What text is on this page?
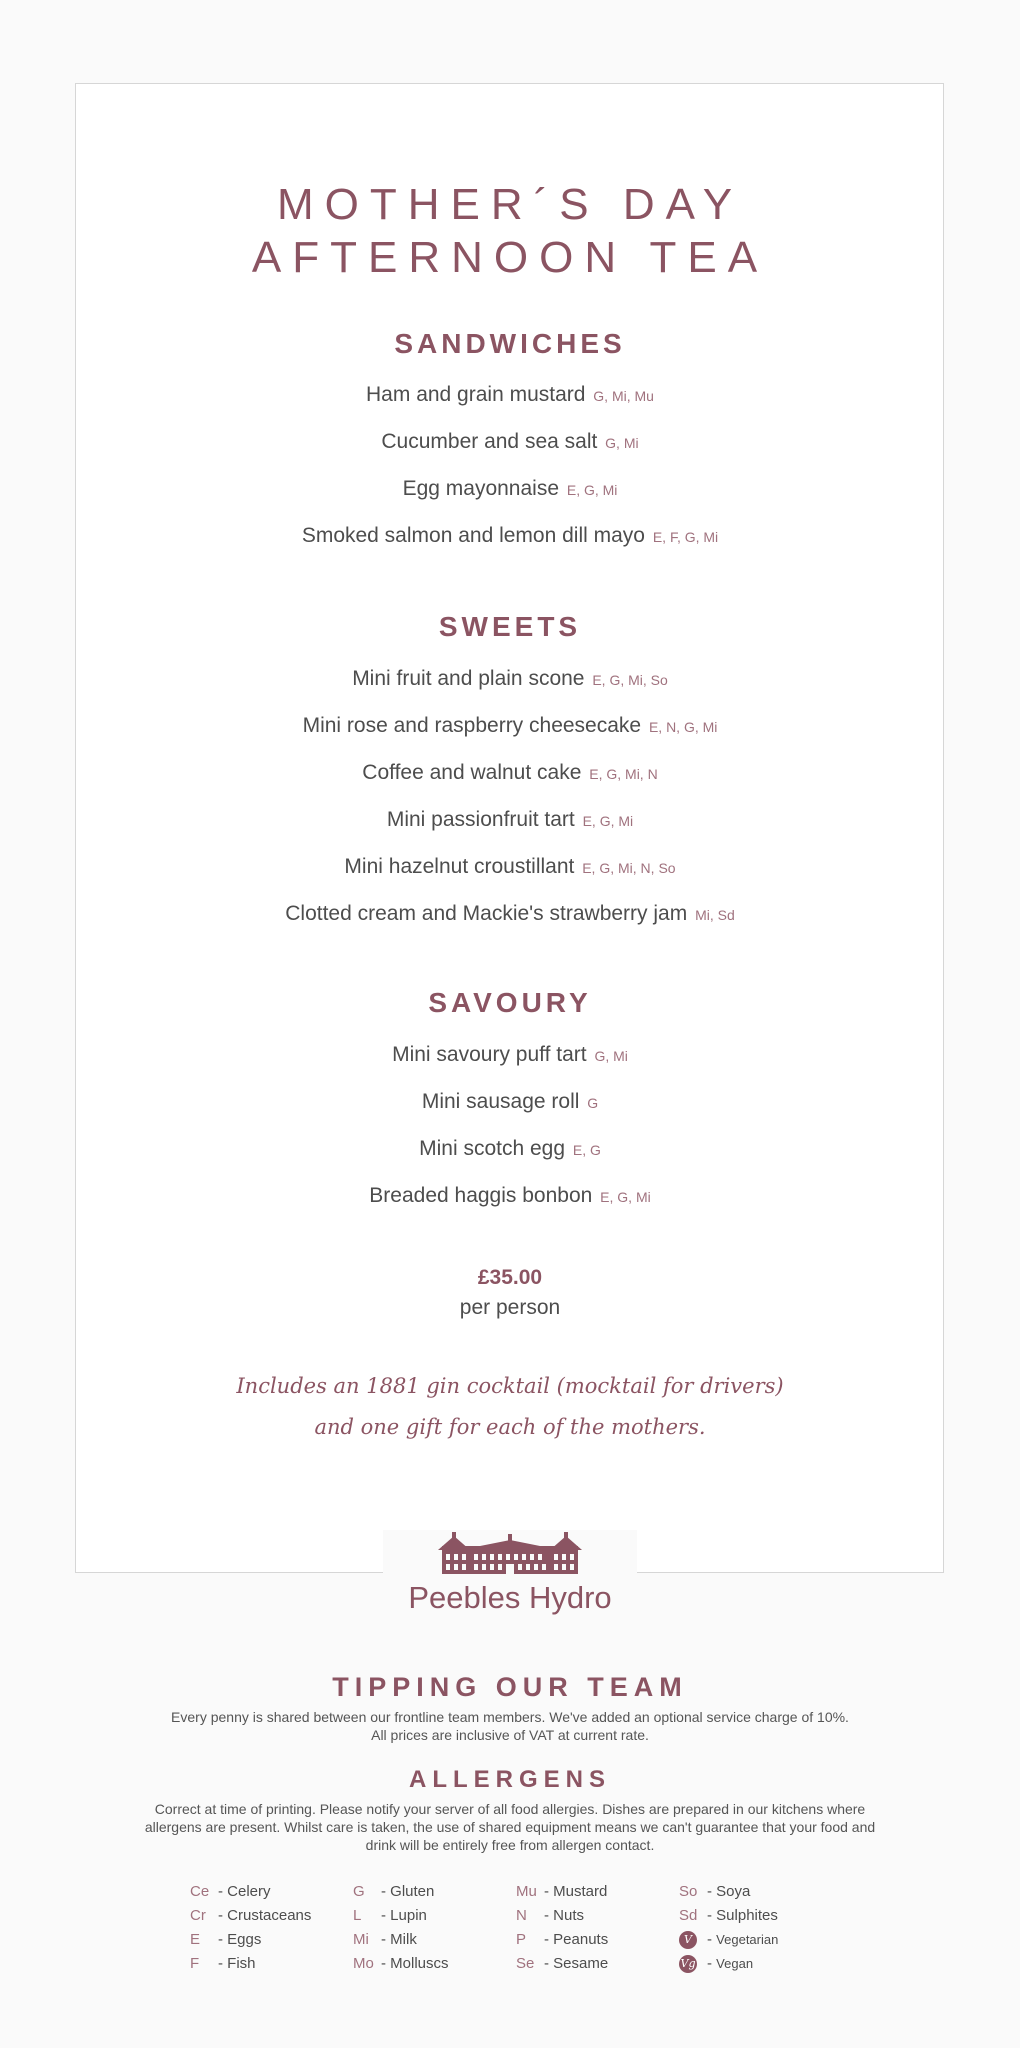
MOTHER´S DAY
AFTERNOON TEA
SANDWICHES
Ham and grain mustard G, Mi, Mu
Cucumber and sea salt G, Mi
Egg mayonnaise E, G, Mi
Smoked salmon and lemon dill mayo E, F, G, Mi
SWEETS
Mini fruit and plain scone E, G, Mi, So
Mini rose and raspberry cheesecake E, N, G, Mi
Coffee and walnut cake E, G, Mi, N
Mini passionfruit tart E, G, Mi
Mini hazelnut croustillant E, G, Mi, N, So
Clotted cream and Mackie's strawberry jam Mi, Sd
SAVOURY
Mini savoury puff tart G, Mi
Mini sausage roll G
Mini scotch egg E, G
Breaded haggis bonbon E, G, Mi
£35.00
per person
Includes an 1881 gin cocktail (mocktail for drivers)
and one gift for each of the mothers.
Peebles Hydro
TIPPING OUR TEAM
Every penny is shared between our frontline team members. We've added an optional service charge of 10%.
All prices are inclusive of VAT at current rate.
ALLERGENS
Correct at time of printing. Please notify your server of all food allergies. Dishes are prepared in our kitchens where
allergens are present. Whilst care is taken, the use of shared equipment means we can't guarantee that your food and
drink will be entirely free from allergen contact.
Ce - Celery
Cr - Crustaceans
E - Eggs
F - Fish
G - Gluten
L - Lupin
Mi - Milk
Mo - Molluscs
Mu - Mustard
N - Nuts
P - Peanuts
Se - Sesame
So - Soya
Sd - Sulphites
V - Vegetarian
Vg - Vegan
